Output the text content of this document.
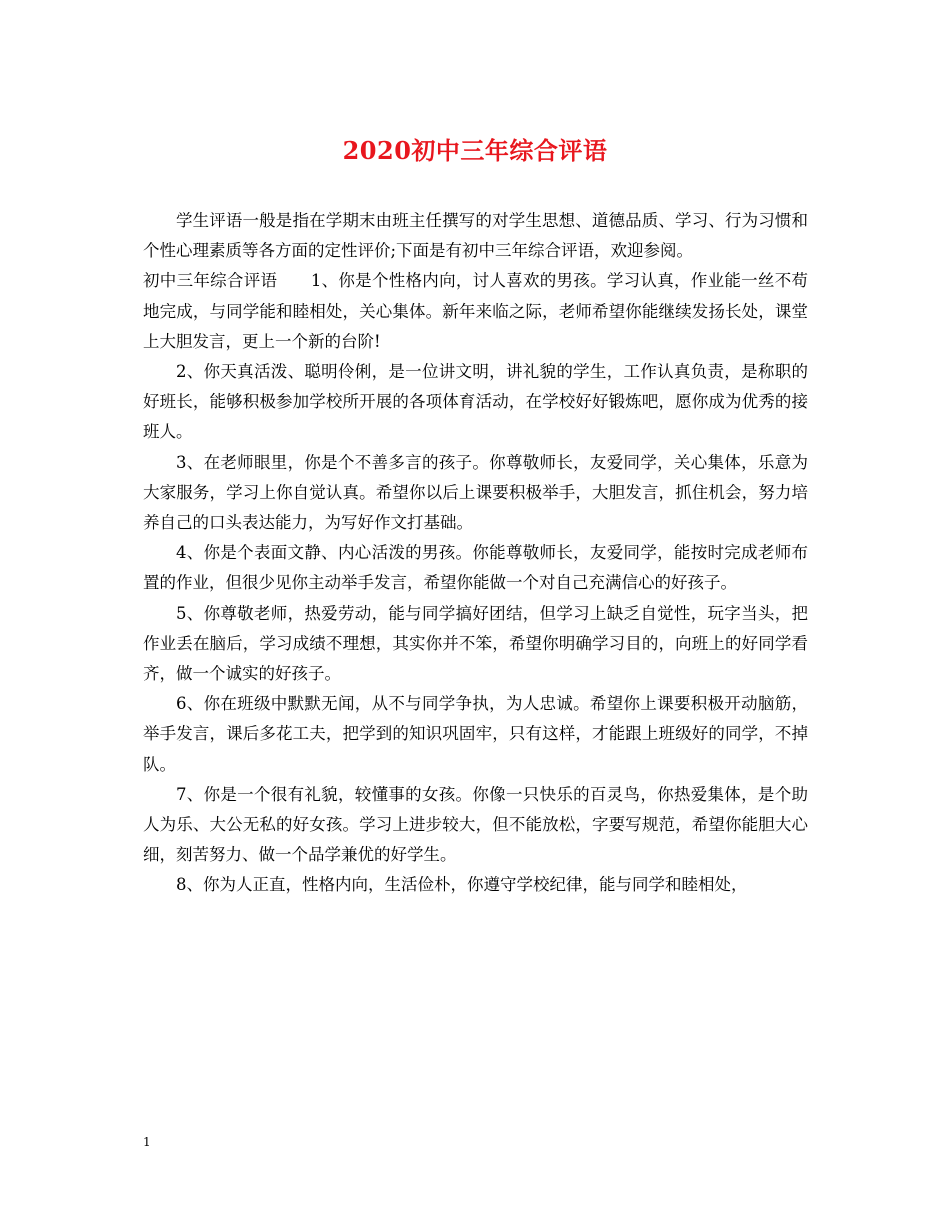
2020初中三年综合评语

学生评语一般是指在学期末由班主任撰写的对学生思想、道德品质、学习、行为习惯和个性心理素质等各方面的定性评价;下面是有初中三年综合评语，欢迎参阅。

初中三年综合评语　　1、你是个性格内向，讨人喜欢的男孩。学习认真，作业能一丝不苟地完成，与同学能和睦相处，关心集体。新年来临之际，老师希望你能继续发扬长处，课堂上大胆发言，更上一个新的台阶!

2、你天真活泼、聪明伶俐，是一位讲文明，讲礼貌的学生，工作认真负责，是称职的好班长，能够积极参加学校所开展的各项体育活动，在学校好好锻炼吧，愿你成为优秀的接班人。

3、在老师眼里，你是个不善多言的孩子。你尊敬师长，友爱同学，关心集体，乐意为大家服务，学习上你自觉认真。希望你以后上课要积极举手，大胆发言，抓住机会，努力培养自己的口头表达能力，为写好作文打基础。

4、你是个表面文静、内心活泼的男孩。你能尊敬师长，友爱同学，能按时完成老师布置的作业，但很少见你主动举手发言，希望你能做一个对自己充满信心的好孩子。

5、你尊敬老师，热爱劳动，能与同学搞好团结，但学习上缺乏自觉性，玩字当头，把作业丢在脑后，学习成绩不理想，其实你并不笨，希望你明确学习目的，向班上的好同学看齐，做一个诚实的好孩子。

6、你在班级中默默无闻，从不与同学争执，为人忠诚。希望你上课要积极开动脑筋，举手发言，课后多花工夫，把学到的知识巩固牢，只有这样，才能跟上班级好的同学，不掉队。

7、你是一个很有礼貌，较懂事的女孩。你像一只快乐的百灵鸟，你热爱集体，是个助人为乐、大公无私的好女孩。学习上进步较大，但不能放松，字要写规范，希望你能胆大心细，刻苦努力、做一个品学兼优的好学生。

8、你为人正直，性格内向，生活俭朴，你遵守学校纪律，能与同学和睦相处，

1
